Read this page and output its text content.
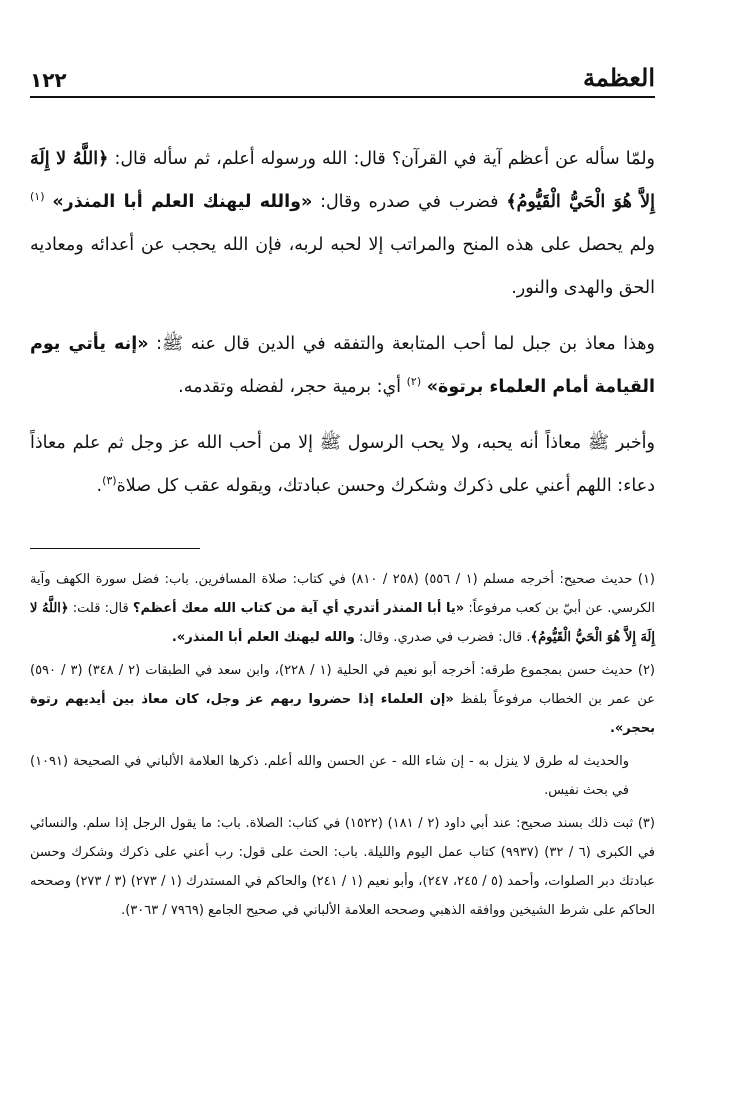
العظمة
١٢٢

ولمّا سأله عن أعظم آية في القرآن؟ قال: الله ورسوله أعلم، ثم سأله قال: ﴿اللَّهُ لا إِلَهَ إِلاَّ هُوَ الْحَيُّ الْقَيُّومُ﴾ فضرب في صدره وقال: «والله ليهنك العلم أبا المنذر» $^{(١)}$ ولم يحصل على هذه المنح والمراتب إلا لحبه لربه، فإن الله يحجب عن أعدائه ومعاديه الحق والهدى والنور.

وهذا معاذ بن جبل لما أحب المتابعة والتفقه في الدين قال عنه ﷺ: «إنه يأتي يوم القيامة أمام العلماء برتوة» $^{(٢)}$ أي: برمية حجر، لفضله وتقدمه.

وأخبر ﷺ معاذاً أنه يحبه، ولا يحب الرسول ﷺ إلا من أحب الله عز وجل ثم علم معاذاً دعاء: اللهم أعني على ذكرك وشكرك وحسن عبادتك، ويقوله عقب كل صلاة$^{(٣)}$.

(١) حديث صحيح: أخرجه مسلم (١ / ٥٥٦) (٢٥٨ / ٨١٠) في كتاب: صلاة المسافرين. باب: فضل سورة الكهف وآية الكرسي. عن أبيّ بن كعب مرفوعاً: «يا أبا المنذر أتدري أي آية من كتاب الله معك أعظم؟ قال: قلت: ﴿اللَّهُ لا إِلَهَ إِلاَّ هُوَ الْحَيُّ الْقَيُّومُ﴾. قال: فضرب في صدري. وقال: والله ليهنك العلم أبا المنذر».

(٢) حديث حسن بمجموع طرقه: أخرجه أبو نعيم في الحلية (١ / ٢٢٨)، وابن سعد في الطبقات (٢ / ٣٤٨) (٣ / ٥٩٠) عن عمر بن الخطاب مرفوعاً بلفظ «إن العلماء إذا حضروا ربهم عز وجل، كان معاذ بين أيديهم رتوة بحجر».

والحديث له طرق لا ينزل به - إن شاء الله - عن الحسن والله أعلم. ذكرها العلامة الألباني في الصحيحة (١٠٩١) في بحث نفيس.

(٣) ثبت ذلك بسند صحيح: عند أبي داود (٢ / ١٨١) (١٥٢٢) في كتاب: الصلاة. باب: ما يقول الرجل إذا سلم. والنسائي في الكبرى (٦ / ٣٢) (٩٩٣٧) كتاب عمل اليوم والليلة. باب: الحث على قول: رب أعني على ذكرك وشكرك وحسن عبادتك دبر الصلوات، وأحمد (٥ / ٢٤٥، ٢٤٧)، وأبو نعيم (١ / ٢٤١) والحاكم في المستدرك (١ / ٢٧٣) (٣ / ٢٧٣) وصححه الحاكم على شرط الشيخين ووافقه الذهبي وصححه العلامة الألباني في صحيح الجامع (٧٩٦٩ / ٣٠٦٣).
